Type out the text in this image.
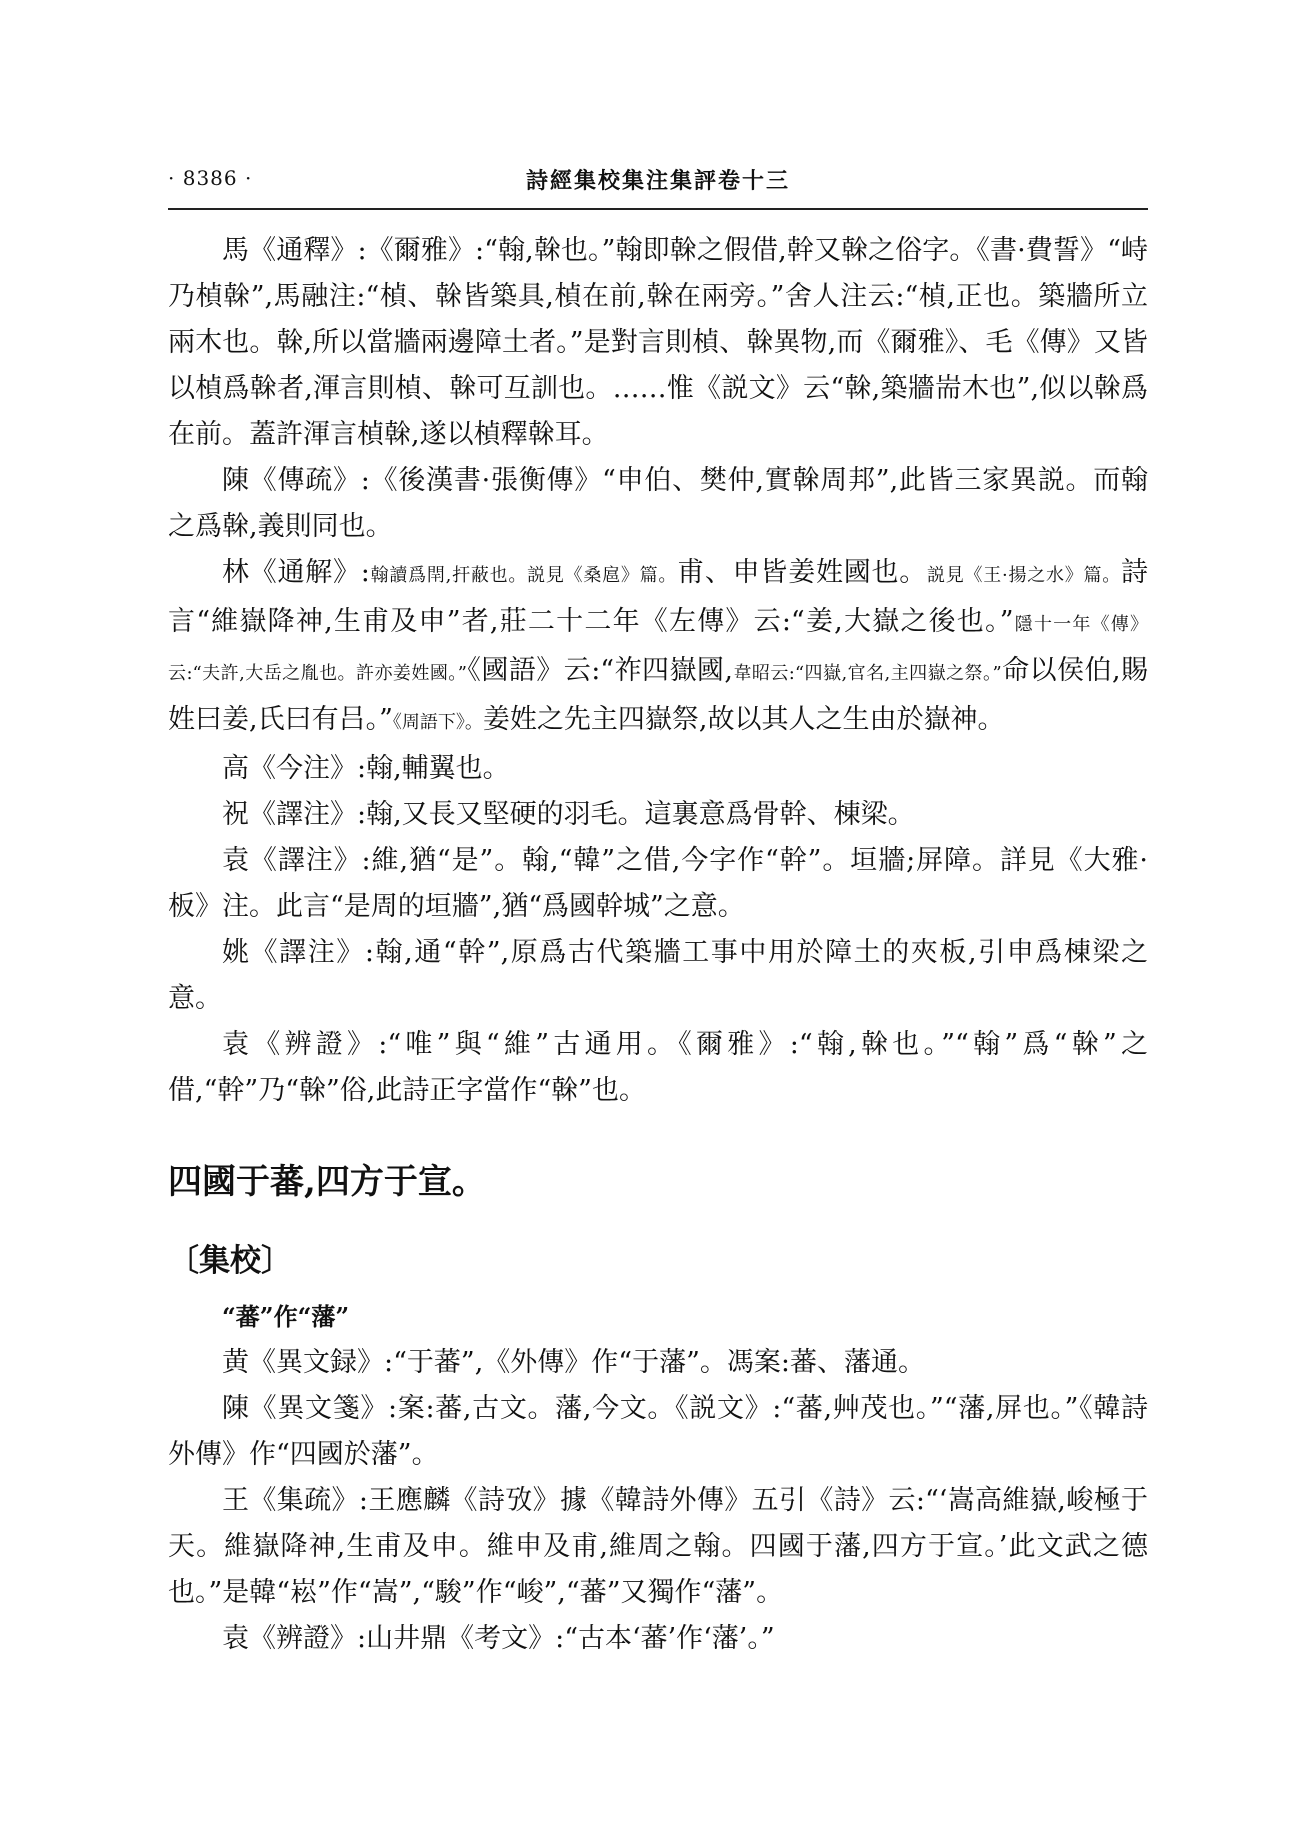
· 8386 ·	詩經集校集注集評卷十三

馬《通釋》:《爾雅》:“翰,榦也。”翰即榦之假借,幹又榦之俗字。《書·費誓》“峙乃楨榦”,馬融注:“楨、榦皆築具,楨在前,榦在兩旁。”舍人注云:“楨,正也。築牆所立兩木也。榦,所以當牆兩邊障土者。”是對言則楨、榦異物,而《爾雅》、毛《傳》又皆以楨爲榦者,渾言則楨、榦可互訓也。……惟《説文》云“榦,築牆耑木也”,似以榦爲在前。蓋許渾言楨榦,遂以楨釋榦耳。

陳《傳疏》:《後漢書·張衡傳》“申伯、樊仲,實榦周邦”,此皆三家異説。而翰之爲榦,義則同也。

林《通解》:翰讀爲閈,扞蔽也。説見《桑扈》篇。甫、申皆姜姓國也。説見《王·揚之水》篇。詩言“維嶽降神,生甫及申”者,莊二十二年《左傳》云:“姜,大嶽之後也。”隱十一年《傳》云:“夫許,大岳之胤也。許亦姜姓國。”《國語》云:“祚四嶽國,韋昭云:“四嶽,官名,主四嶽之祭。”命以侯伯,賜姓曰姜,氏曰有吕。”《周語下》。姜姓之先主四嶽祭,故以其人之生由於嶽神。

高《今注》:翰,輔翼也。

祝《譯注》:翰,又長又堅硬的羽毛。這裏意爲骨幹、棟梁。

袁《譯注》:維,猶“是”。翰,“韓”之借,今字作“幹”。垣牆;屏障。詳見《大雅·板》注。此言“是周的垣牆”,猶“爲國幹城”之意。

姚《譯注》:翰,通“幹”,原爲古代築牆工事中用於障土的夾板,引申爲棟梁之意。

袁《辨證》:“唯”與“維”古通用。《爾雅》:“翰,榦也。”“翰”爲“榦”之借,“幹”乃“榦”俗,此詩正字當作“榦”也。

四國于蕃,四方于宣。
〔集校〕

“蕃”作“藩”

黄《異文録》:“于蕃”,《外傳》作“于藩”。馮案:蕃、藩通。

陳《異文箋》:案:蕃,古文。藩,今文。《説文》:“蕃,艸茂也。”“藩,屏也。”《韓詩外傳》作“四國於藩”。

王《集疏》:王應麟《詩攷》據《韓詩外傳》五引《詩》云:“‘嵩高維嶽,峻極于天。維嶽降神,生甫及申。維申及甫,維周之翰。四國于藩,四方于宣。’此文武之德也。”是韓“崧”作“嵩”,“駿”作“峻”,“蕃”又獨作“藩”。

袁《辨證》:山井鼎《考文》:“古本‘蕃’作‘藩’。”
